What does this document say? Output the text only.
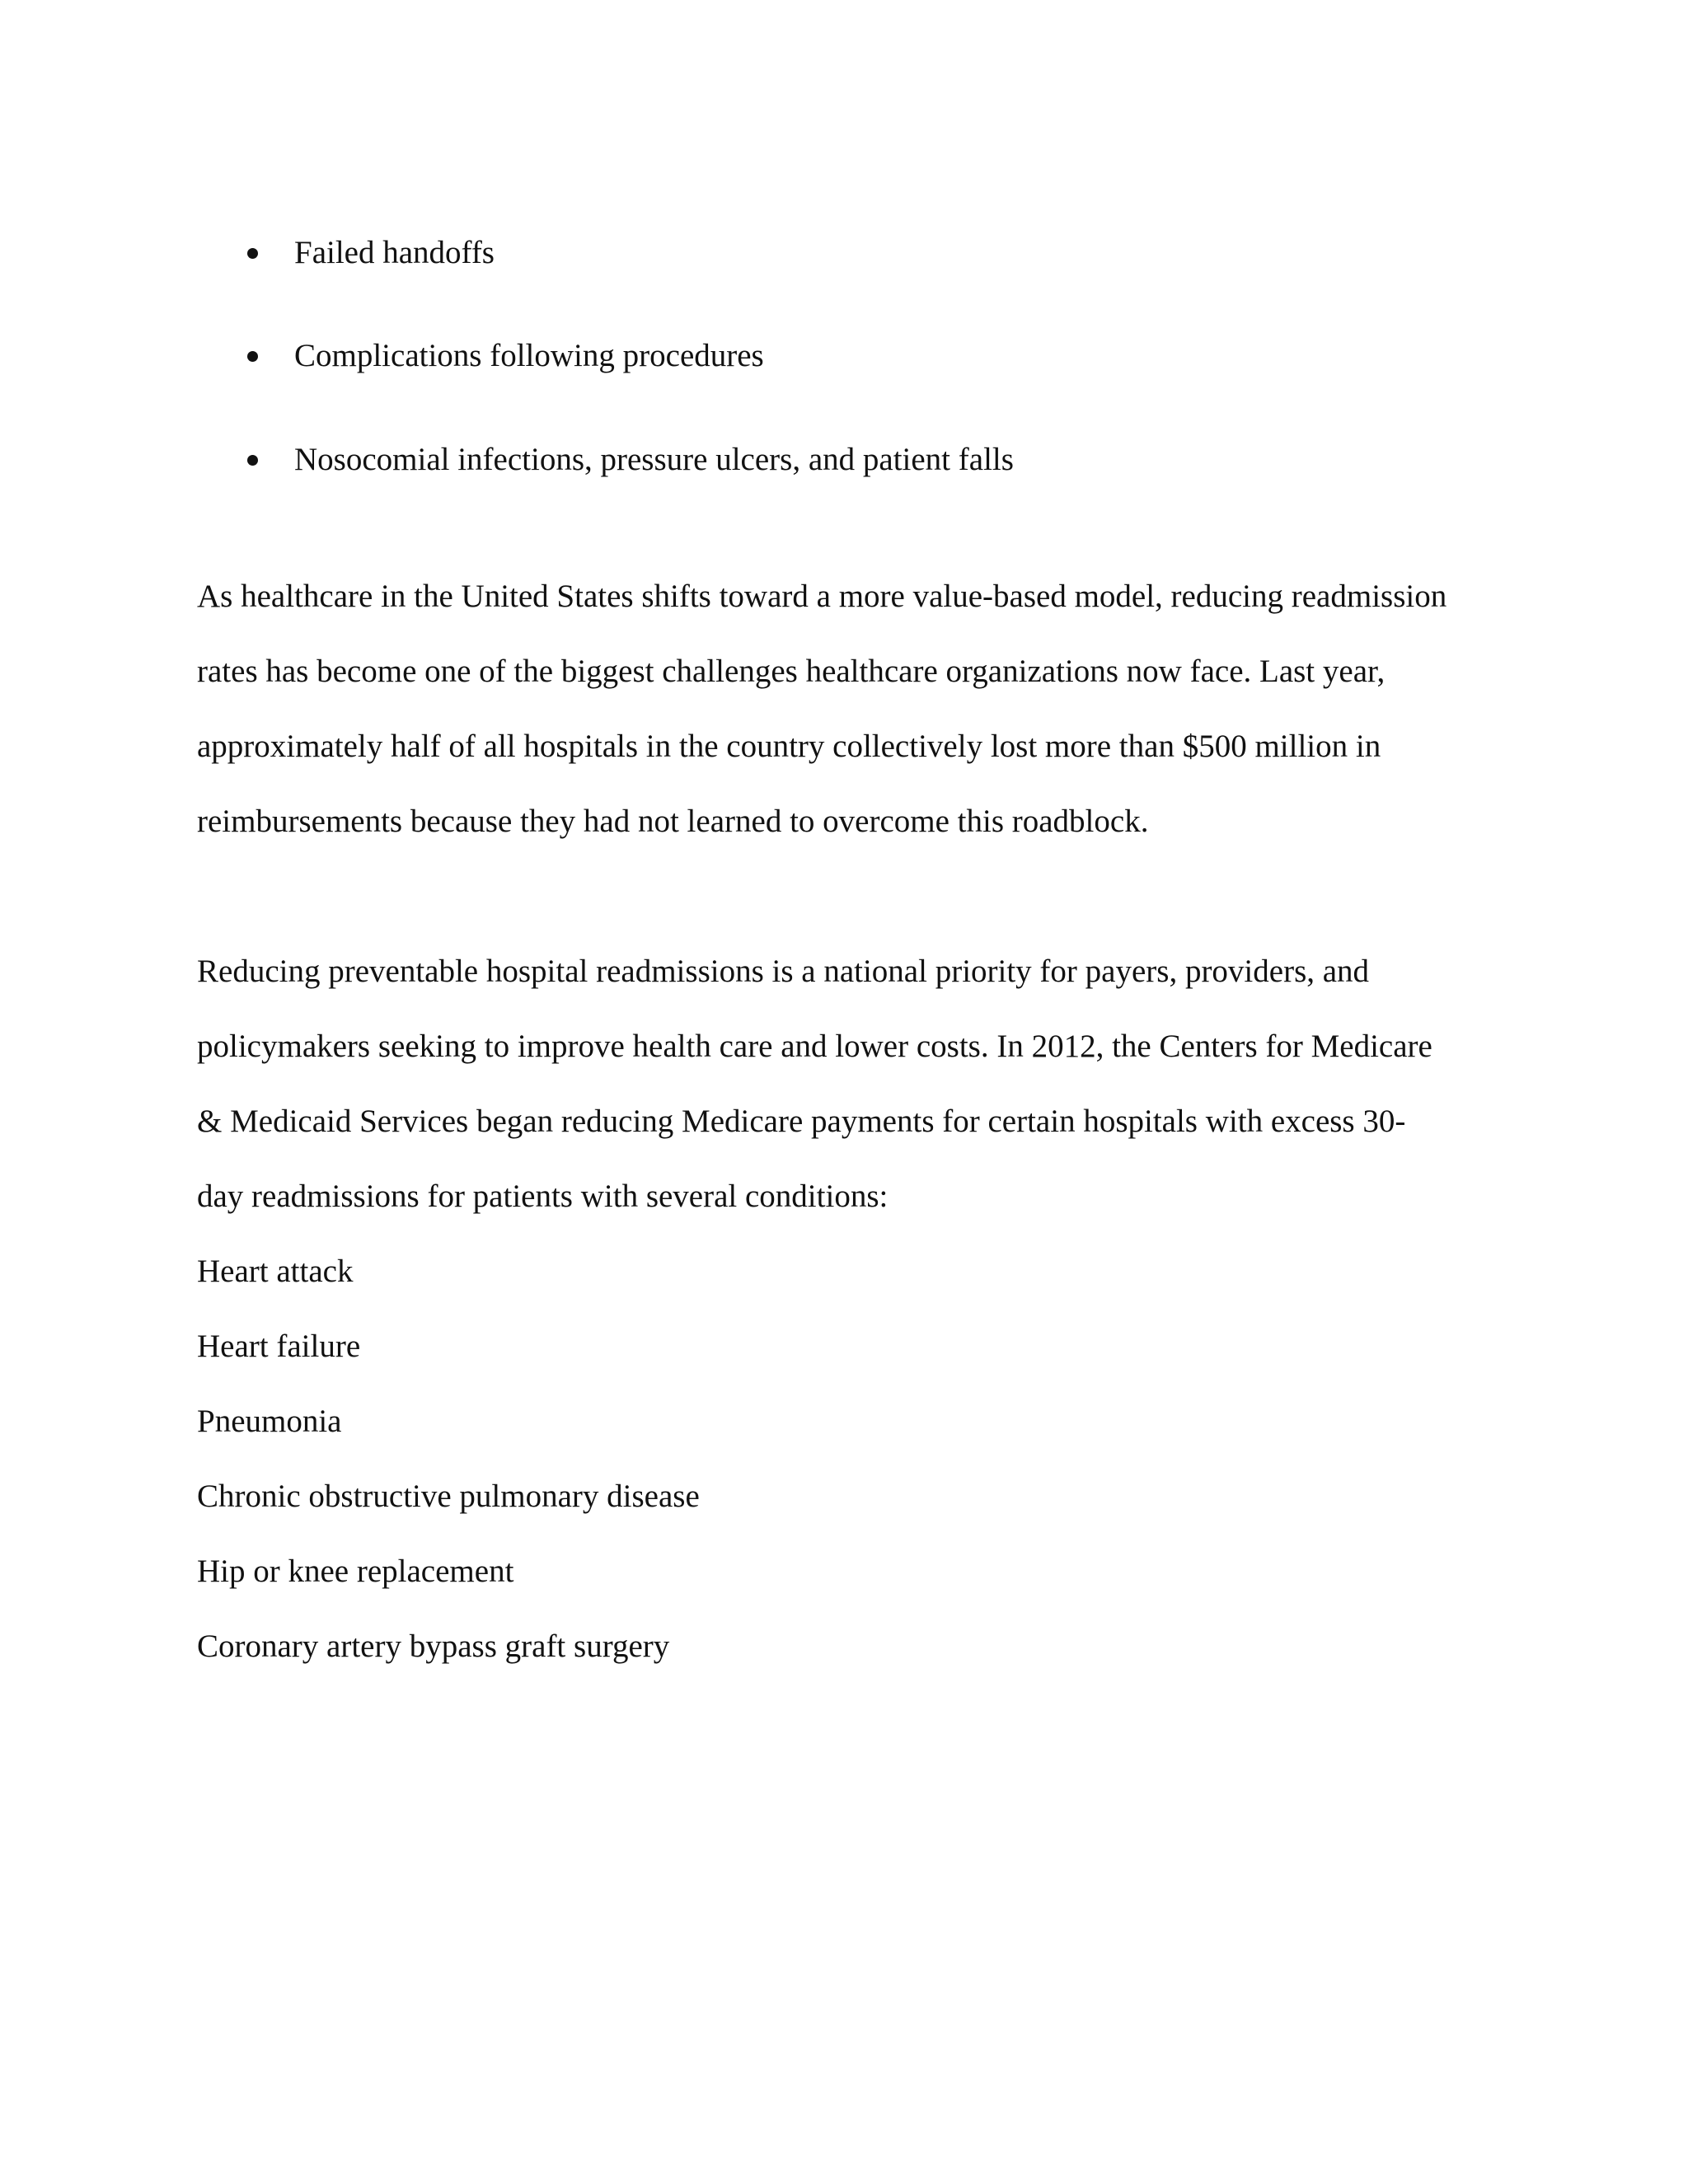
Failed handoffs
Complications following procedures
Nosocomial infections, pressure ulcers, and patient falls
As healthcare in the United States shifts toward a more value-based model, reducing readmission
rates has become one of the biggest challenges healthcare organizations now face. Last year,
approximately half of all hospitals in the country collectively lost more than $500 million in
reimbursements because they had not learned to overcome this roadblock.
Reducing preventable hospital readmissions is a national priority for payers, providers, and
policymakers seeking to improve health care and lower costs. In 2012, the Centers for Medicare
& Medicaid Services began reducing Medicare payments for certain hospitals with excess 30-
day readmissions for patients with several conditions:
Heart attack
Heart failure
Pneumonia
Chronic obstructive pulmonary disease
Hip or knee replacement
Coronary artery bypass graft surgery
